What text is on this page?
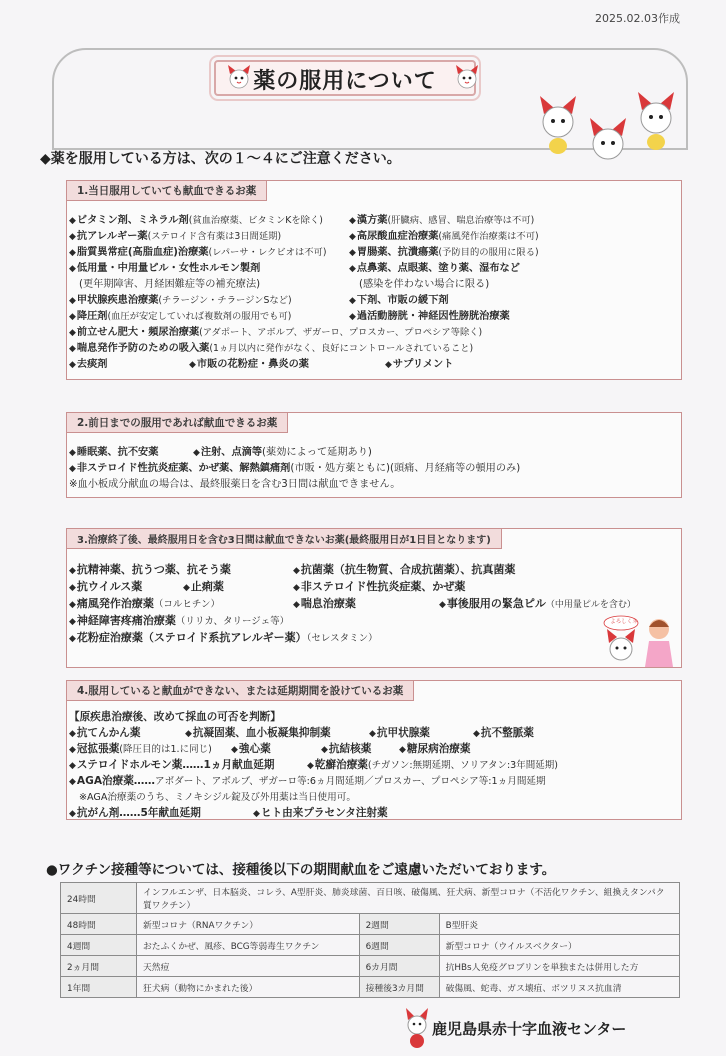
2025.02.03作成
薬の服用について
◆薬を服用している方は、次の１～４にご注意ください。
1.当日服用していても献血できるお薬
◆ビタミン剤、ミネラル剤(貧血治療薬、ビタミンKを除く)	◆漢方薬(肝臓病、感冒、喘息治療等は不可)
◆抗アレルギー薬(ステロイド含有薬は3日間延期)	◆高尿酸血症治療薬(痛風発作治療薬は不可)
◆脂質異常症(高脂血症)治療薬(レパーサ・レクビオは不可)	◆胃腸薬、抗潰瘍薬(予防目的の服用に限る)
◆低用量・中用量ピル・女性ホルモン製剤	◆点鼻薬、点眼薬、塗り薬、湿布など
(更年期障害、月経困難症等の補充療法)	(感染を伴わない場合に限る)
◆甲状腺疾患治療薬(チラージン・チラージンSなど)	◆下剤、市販の緩下剤
◆降圧剤(血圧が安定していれば複数剤の服用でも可)	◆過活動膀胱・神経因性膀胱治療薬
◆前立せん肥大・頻尿治療薬(アダポート、アボルブ、ザガーロ、プロスカー、プロペシア等除く)
◆喘息発作予防のための吸入薬(1ヵ月以内に発作がなく、良好にコントロールされていること)
◆去痰剤	◆市販の花粉症・鼻炎の薬	◆サプリメント
2.前日までの服用であれば献血できるお薬
◆睡眠薬、抗不安薬	◆注射、点滴等(薬効によって延期あり)
◆非ステロイド性抗炎症薬、かぜ薬、解熱鎮痛剤(市販・処方薬ともに)(頭痛、月経痛等の頓用のみ)
※血小板成分献血の場合は、最終服薬日を含む3日間は献血できません。
3.治療終了後、最終服用日を含む3日間は献血できないお薬(最終服用日が1日目となります)
◆抗精神薬、抗うつ薬、抗そう薬	◆抗菌薬（抗生物質、合成抗菌薬）、抗真菌薬
◆抗ウイルス薬	◆止痢薬	◆非ステロイド性抗炎症薬、かぜ薬
◆痛風発作治療薬（コルヒチン）	◆喘息治療薬	◆事後服用の緊急ピル（中用量ピルを含む）
◆神経障害疼痛治療薬（リリカ、タリージェ等）
◆花粉症治療薬（ステロイド系抗アレルギー薬）（セレスタミン）
よろしくネ
4.服用していると献血ができない、または延期期間を設けているお薬
【原疾患治療後、改めて採血の可否を判断】
◆抗てんかん薬	◆抗凝固薬、血小板凝集抑制薬	◆抗甲状腺薬	◆抗不整脈薬
◆冠拡張薬(降圧目的は1.に同じ) ◆強心薬	◆抗結核薬	◆糖尿病治療薬
◆ステロイドホルモン薬……1ヵ月献血延期	◆乾癬治療薬(チガソン:無期延期、ソリアタン:3年間延期)
◆AGA治療薬……アボダート、アボルブ、ザガーロ等:6ヵ月間延期／プロスカー、プロペシア等:1ヵ月間延期
※AGA治療薬のうち、ミノキシジル錠及び外用薬は当日使用可。
◆抗がん剤……5年献血延期	◆ヒト由来プラセンタ注射薬
●ワクチン接種等については、接種後以下の期間献血をご遠慮いただいております。
24時間	インフルエンザ、日本脳炎、コレラ、A型肝炎、肺炎球菌、百日咳、破傷風、狂犬病、新型コロナ（不活化ワクチン、組換えタンパク質ワクチン）		
48時間	新型コロナ（RNAワクチン）	2週間	B型肝炎
4週間	おたふくかぜ、風疹、BCG等弱毒生ワクチン	6週間	新型コロナ（ウイルスベクター）
2ヵ月間	天然痘	6カ月間	抗HBs人免疫グロブリンを単独または併用した方
1年間	狂犬病（動物にかまれた後）	接種後3カ月間	破傷風、蛇毒、ガス壊疽、ボツリヌス抗血清
鹿児島県赤十字血液センター
